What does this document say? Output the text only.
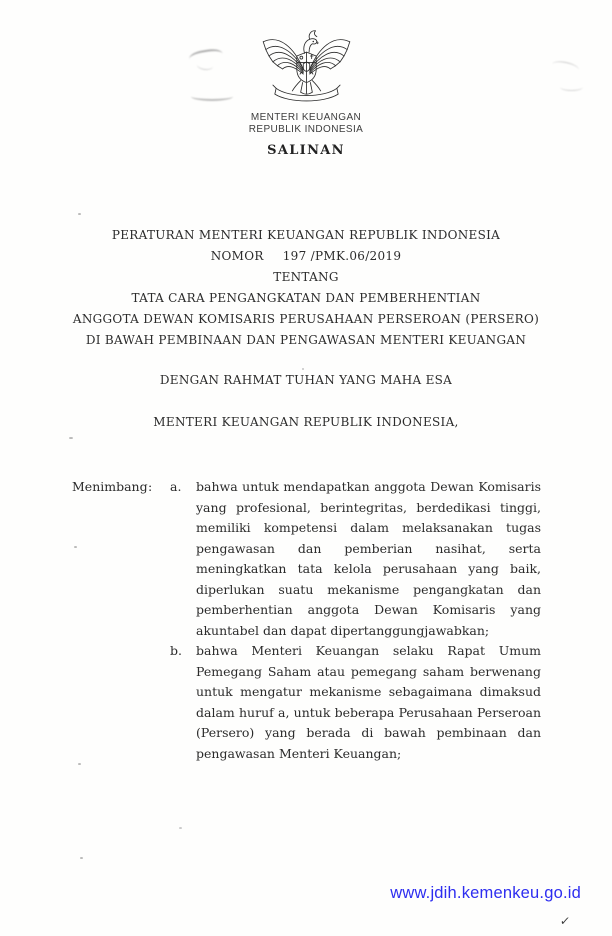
MENTERI KEUANGAN
REPUBLIK INDONESIA
SALINAN
PERATURAN MENTERI KEUANGAN REPUBLIK INDONESIA
NOMOR 197 /PMK.06/2019
TENTANG
TATA CARA PENGANGKATAN DAN PEMBERHENTIAN
ANGGOTA DEWAN KOMISARIS PERUSAHAAN PERSEROAN (PERSERO)
DI BAWAH PEMBINAAN DAN PENGAWASAN MENTERI KEUANGAN
DENGAN RAHMAT TUHAN YANG MAHA ESA
MENTERI KEUANGAN REPUBLIK INDONESIA,
Menimbang :	a.	bahwa untuk mendapatkan anggota Dewan Komisaris yang profesional, berintegritas, berdedikasi tinggi, memiliki kompetensi dalam melaksanakan tugas pengawasan dan pemberian nasihat, serta meningkatkan tata kelola perusahaan yang baik, diperlukan suatu mekanisme pengangkatan dan pemberhentian anggota Dewan Komisaris yang akuntabel dan dapat dipertanggungjawabkan;
b.	bahwa Menteri Keuangan selaku Rapat Umum Pemegang Saham atau pemegang saham berwenang untuk mengatur mekanisme sebagaimana dimaksud dalam huruf a, untuk beberapa Perusahaan Perseroan (Persero) yang berada di bawah pembinaan dan pengawasan Menteri Keuangan;
www.jdih.kemenkeu.go.id
✓
